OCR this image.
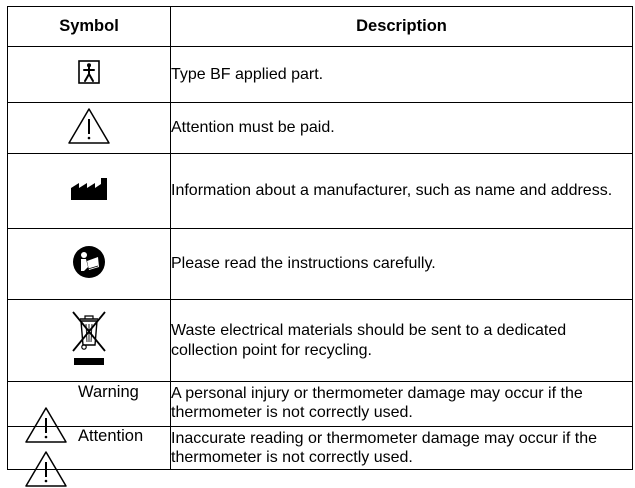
Symbol	Description
	Type BF applied part.
	Attention must be paid.
	Information about a manufacturer, such as name and address.
	Please read the instructions carefully.
	Waste electrical materials should be sent to a dedicated collection point for recycling.

Warning	A personal injury or thermometer damage may occur if the thermometer is not correctly used.

Attention	Inaccurate reading or thermometer damage may occur if the thermometer is not correctly used.
